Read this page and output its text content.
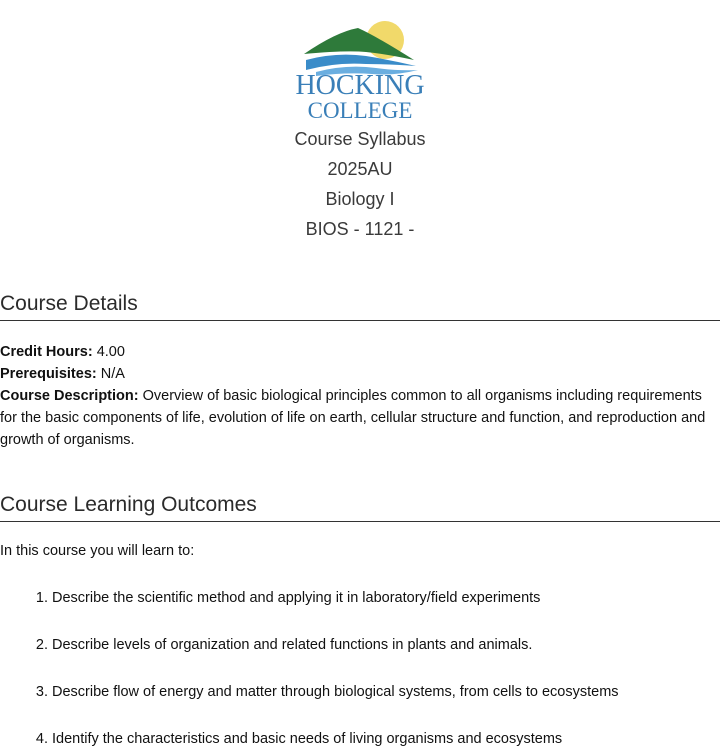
HOCKING
COLLEGE
Course Syllabus
2025AU
Biology I
BIOS - 1121 -
Course Details
Credit Hours: 4.00
Prerequisites: N/A
Course Description: Overview of basic biological principles common to all organisms including requirements for the basic components of life, evolution of life on earth, cellular structure and function, and reproduction and growth of organisms.
Course Learning Outcomes

In this course you will learn to:

1. Describe the scientific method and applying it in laboratory/field experiments
2. Describe levels of organization and related functions in plants and animals.
3. Describe flow of energy and matter through biological systems, from cells to ecosystems
4. Identify the characteristics and basic needs of living organisms and ecosystems
